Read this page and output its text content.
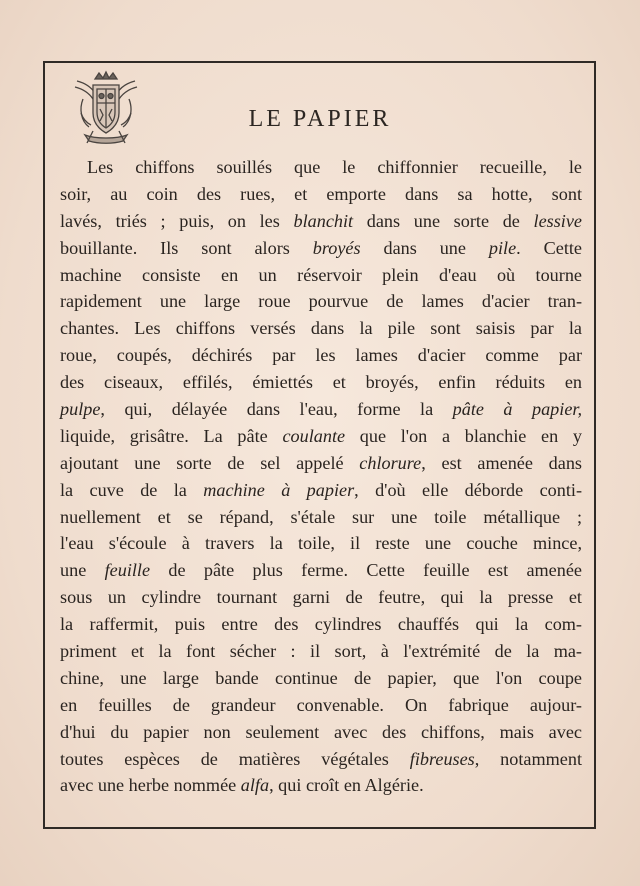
LE PAPIER
Les chiffons souillés que le chiffonnier recueille, le
soir, au coin des rues, et emporte dans sa hotte, sont
lavés, triés ; puis, on les blanchit dans une sorte de lessive
bouillante. Ils sont alors broyés dans une pile. Cette
machine consiste en un réservoir plein d'eau où tourne
rapidement une large roue pourvue de lames d'acier tran-
chantes. Les chiffons versés dans la pile sont saisis par la
roue, coupés, déchirés par les lames d'acier comme par
des ciseaux, effilés, émiettés et broyés, enfin réduits en
pulpe, qui, délayée dans l'eau, forme la pâte à papier,
liquide, grisâtre. La pâte coulante que l'on a blanchie en y
ajoutant une sorte de sel appelé chlorure, est amenée dans
la cuve de la machine à papier, d'où elle déborde conti-
nuellement et se répand, s'étale sur une toile métallique ;
l'eau s'écoule à travers la toile, il reste une couche mince,
une feuille de pâte plus ferme. Cette feuille est amenée
sous un cylindre tournant garni de feutre, qui la presse et
la raffermit, puis entre des cylindres chauffés qui la com-
priment et la font sécher : il sort, à l'extrémité de la ma-
chine, une large bande continue de papier, que l'on coupe
en feuilles de grandeur convenable. On fabrique aujour-
d'hui du papier non seulement avec des chiffons, mais avec
toutes espèces de matières végétales fibreuses, notamment
avec une herbe nommée alfa, qui croît en Algérie.
